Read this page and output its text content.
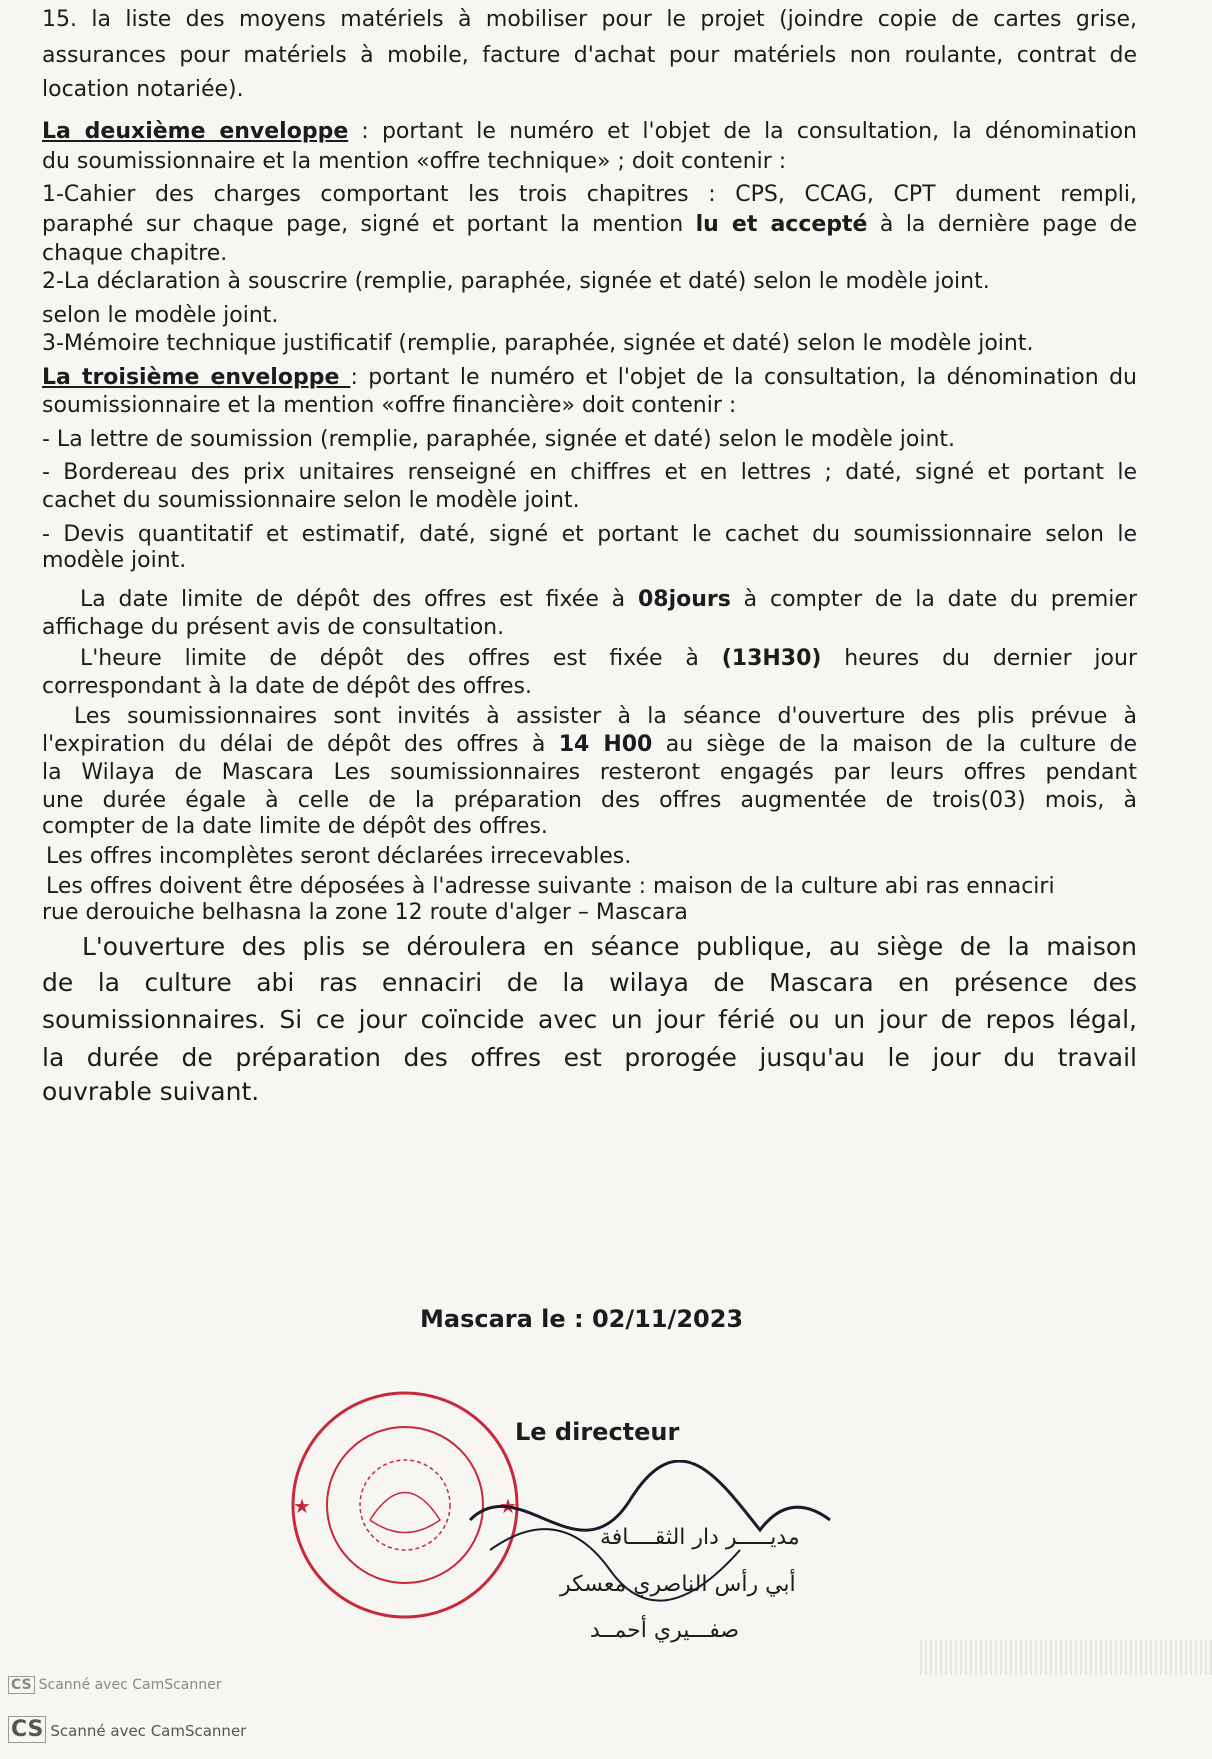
15. la liste des moyens matériels à mobiliser pour le projet (joindre copie de cartes grise,
assurances pour matériels à mobile, facture d'achat pour matériels non roulante, contrat de
location notariée).
La deuxième enveloppe : portant le numéro et l'objet de la consultation, la dénomination
du soumissionnaire et la mention «offre technique» ; doit contenir :
1-Cahier des charges comportant les trois chapitres : CPS, CCAG, CPT dument rempli,
paraphé sur chaque page, signé et portant la mention lu et accepté à la dernière page de
chaque chapitre.
2-La déclaration à souscrire (remplie, paraphée, signée et daté) selon le modèle joint.
selon le modèle joint.
3-Mémoire technique justificatif (remplie, paraphée, signée et daté) selon le modèle joint.
La troisième enveloppe : portant le numéro et l'objet de la consultation, la dénomination du
soumissionnaire et la mention «offre financière» doit contenir :
- La lettre de soumission (remplie, paraphée, signée et daté) selon le modèle joint.
- Bordereau des prix unitaires renseigné en chiffres et en lettres ; daté, signé et portant le
cachet du soumissionnaire selon le modèle joint.
- Devis quantitatif et estimatif, daté, signé et portant le cachet du soumissionnaire selon le
modèle joint.
La date limite de dépôt des offres est fixée à 08jours à compter de la date du premier
affichage du présent avis de consultation.
L'heure limite de dépôt des offres est fixée à (13H30) heures du dernier jour
correspondant à la date de dépôt des offres.
Les soumissionnaires sont invités à assister à la séance d'ouverture des plis prévue à
l'expiration du délai de dépôt des offres à 14 H00 au siège de la maison de la culture de
la Wilaya de Mascara Les soumissionnaires resteront engagés par leurs offres pendant
une durée égale à celle de la préparation des offres augmentée de trois(03) mois, à
compter de la date limite de dépôt des offres.
Les offres incomplètes seront déclarées irrecevables.
Les offres doivent être déposées à l'adresse suivante : maison de la culture abi ras ennaciri
rue derouiche belhasna la zone 12 route d'alger – Mascara
L'ouverture des plis se déroulera en séance publique, au siège de la maison
de la culture abi ras ennaciri de la wilaya de Mascara en présence des
soumissionnaires. Si ce jour coïncide avec un jour férié ou un jour de repos légal,
la durée de préparation des offres est prorogée jusqu'au le jour du travail
ouvrable suivant.
Mascara le : 02/11/2023
Le directeur
★	★
مديـــــر دار الثقــــافة
أبي رأس الناصري معسكر
صفـــيري أحمــد
CS Scanné avec CamScanner
CS Scanné avec CamScanner
